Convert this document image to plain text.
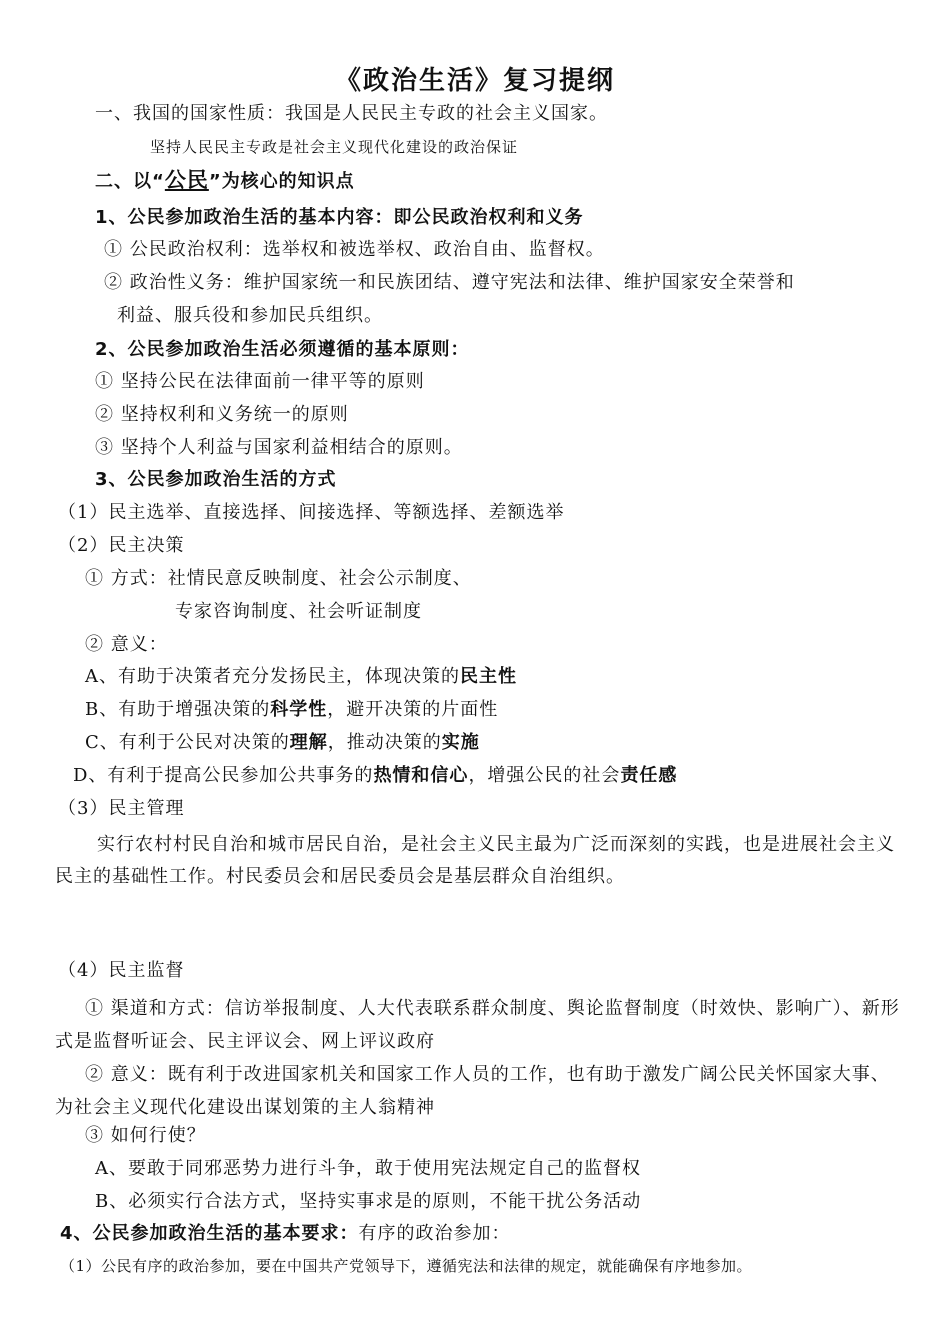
《政治生活》复习提纲
一、我国的国家性质：我国是人民民主专政的社会主义国家。
坚持人民民主专政是社会主义现代化建设的政治保证
二、以“公民”为核心的知识点
1、公民参加政治生活的基本内容：即公民政治权利和义务
① 公民政治权利：选举权和被选举权、政治自由、监督权。
② 政治性义务：维护国家统一和民族团结、遵守宪法和法律、维护国家安全荣誉和
利益、服兵役和参加民兵组织。
2、公民参加政治生活必须遵循的基本原则：
① 坚持公民在法律面前一律平等的原则
② 坚持权利和义务统一的原则
③ 坚持个人利益与国家利益相结合的原则。
3、公民参加政治生活的方式
（1）民主选举、直接选择、间接选择、等额选择、差额选举
（2）民主决策
① 方式：社情民意反映制度、社会公示制度、
专家咨询制度、社会听证制度
② 意义：
A、有助于决策者充分发扬民主，体现决策的民主性
B、有助于增强决策的科学性，避开决策的片面性
C、有利于公民对决策的理解，推动决策的实施
D、有利于提高公民参加公共事务的热情和信心，增强公民的社会责任感
（3）民主管理
实行农村村民自治和城市居民自治，是社会主义民主最为广泛而深刻的实践，也是进展社会主义民主的基础性工作。村民委员会和居民委员会是基层群众自治组织。
（4）民主监督
① 渠道和方式：信访举报制度、人大代表联系群众制度、舆论监督制度（时效快、影响广）、新形式是监督听证会、民主评议会、网上评议政府
② 意义：既有利于改进国家机关和国家工作人员的工作，也有助于激发广阔公民关怀国家大事、为社会主义现代化建设出谋划策的主人翁精神
③ 如何行使？
A、要敢于同邪恶势力进行斗争，敢于使用宪法规定自己的监督权
B、必须实行合法方式，坚持实事求是的原则，不能干扰公务活动
4、公民参加政治生活的基本要求：有序的政治参加：
（1）公民有序的政治参加，要在中国共产党领导下，遵循宪法和法律的规定，就能确保有序地参加。
